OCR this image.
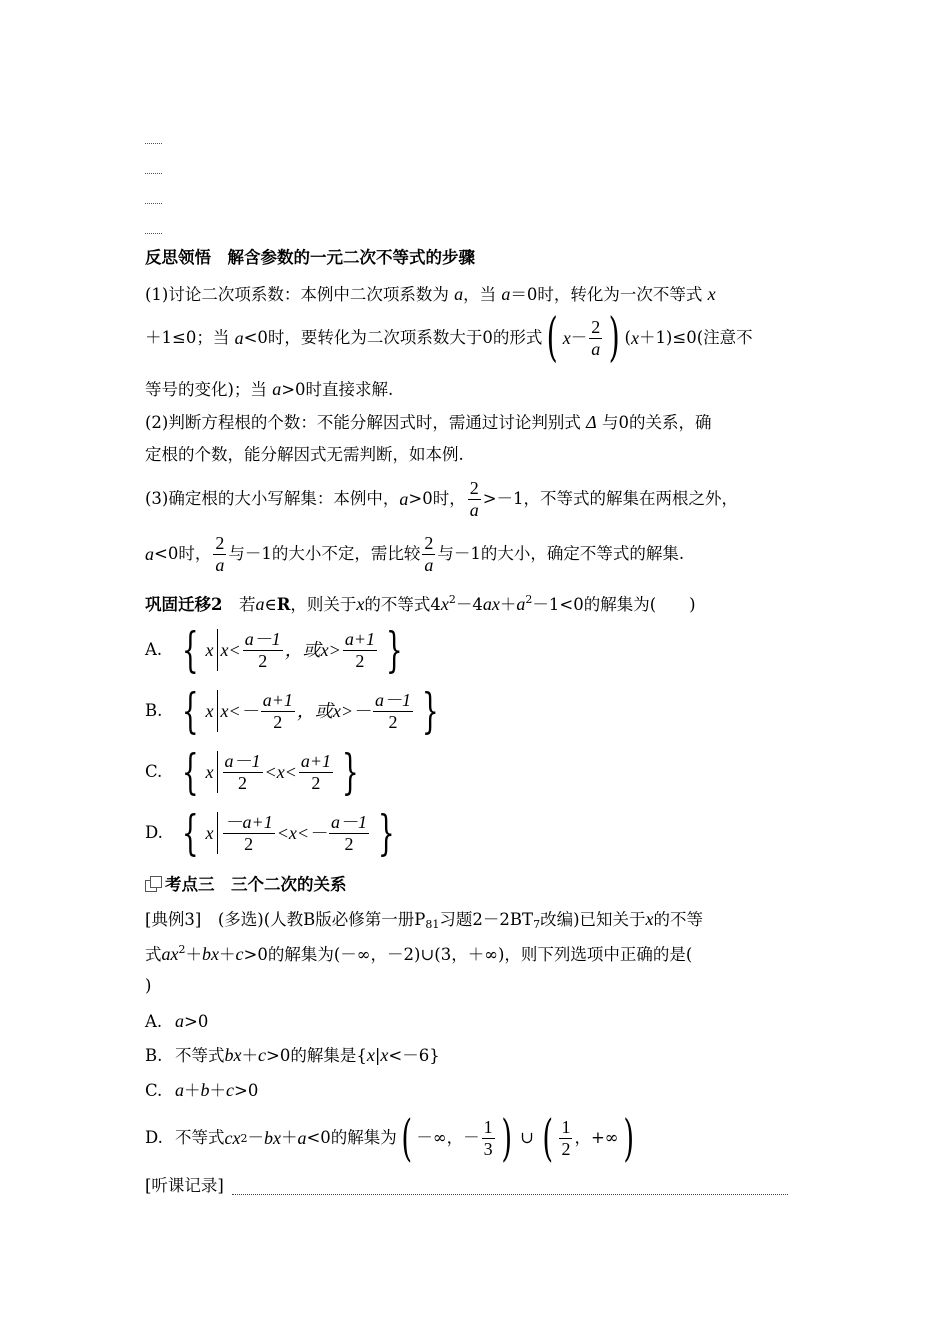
反思领悟　 解含参数的一元二次不等式的步骤
(1)讨论二次项系数：本例中二次项系数为 a，当 a＝0时，转化为一次不等式 x
＋1≤0；当
a <0时，要转化为二次项系数大于0的形式 ( $x - \frac{2}{a}$ ) ( x ＋1)≤0(注意不
等号的变化)；当 a>0时直接求解.
(2)判断方程根的个数：不能分解因式时，需通过讨论判别式 Δ 与0的关系，确
定根的个数，能分解因式无需判断，如本例.
(3)确定根的大小写解集：本例中， a >0时， $\frac{2}{a} >-1$，不等式的解集在两根之外，
a <0时， $\frac{2}{a}$ 与－1的大小不定，需比较 $\frac{2}{a}$ 与－1的大小，确定不等式的解集.
巩固迁移2　 若a∈R，则关于x的不等式$4x^2-4ax+a^2-1<0$的解集为(　　)
A. { x $x< \frac{a-1}{2}$ ，或$x> \frac{a+1}{2}$ }
B. { x $x<- \frac{a+1}{2}$ ，或$x>- \frac{a-1}{2}$ }
C. { x $\frac{a-1}{2} <x< \frac{a+1}{2}$ }
D. { x $\frac{-a+1}{2} <x<- \frac{a-1}{2}$ }
考点三　三个二次的关系
[典例3]　 (多选)(人教B版必修第一册$P_{81}$习题$2-2BT_7$改编)已知关于x的不等
式$ax^2+bx+c>0$的解集为(－∞，－2)∪(3，＋∞)，则下列选项中正确的是(
)
A. a>0
B. 不等式bx＋c>0的解集是{x|x<－6}
C. a＋b＋c>0
D. 不等式 cx 2 － bx ＋ a <0的解集为 ( －∞，－ $\frac{1}{3}$ ) ∪ ( $\frac{1}{2}$ ，+∞ )
[听课记录]
